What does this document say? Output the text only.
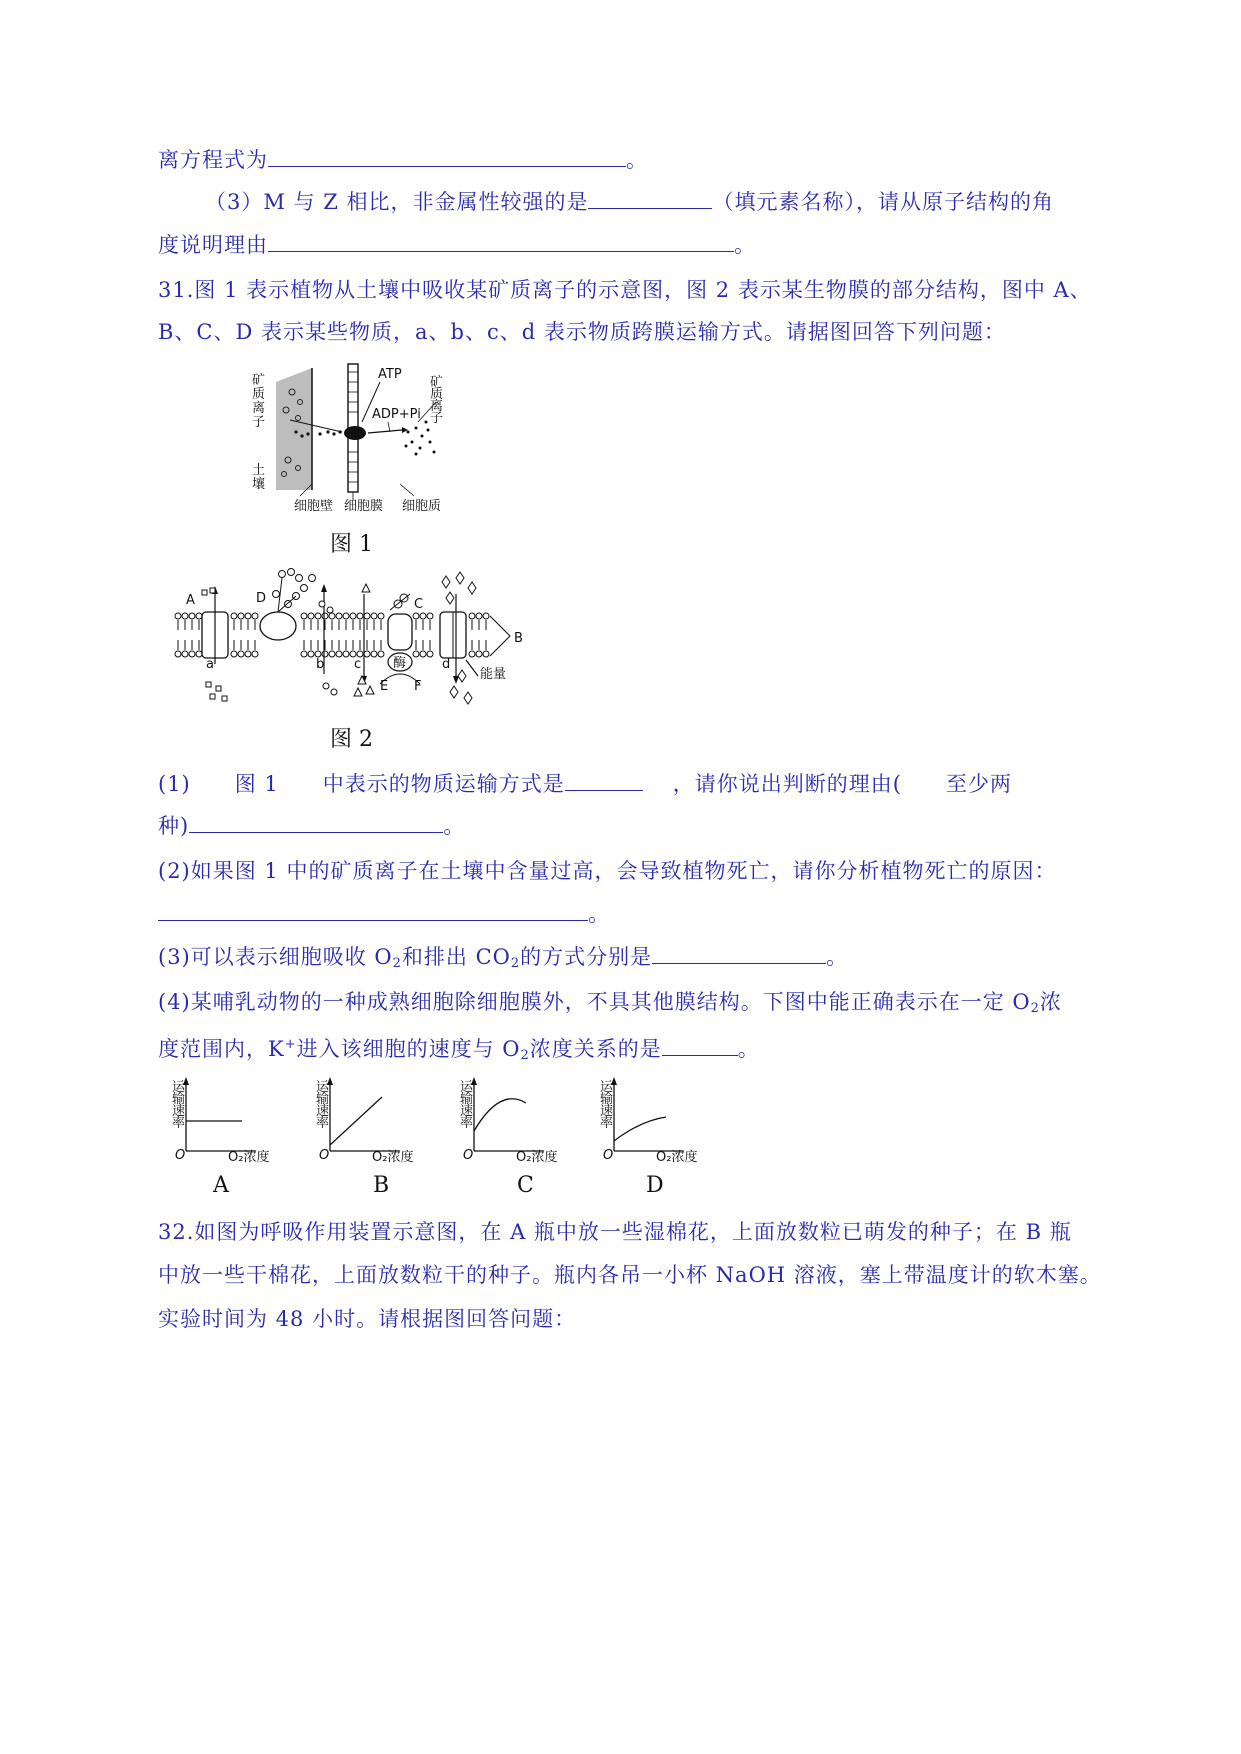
离方程式为	。
（3）M 与 Z 相比，非金属性较强的是	（填元素名称），请从原子结构的角
度说明理由	。
31.图 1 表示植物从土壤中吸收某矿质离子的示意图，图 2 表示某生物膜的部分结构，图中 A、
B、C、D 表示某些物质，a、b、c、d 表示物质跨膜运输方式。请据图回答下列问题：
矿
质
离
子
土
壤
ATP
ADP+Pi
矿
质
离
子
细胞壁 细胞膜 细胞质
图 1
A
B
C
D
E F
a	b c	d
酶
能量
图 2
(1)　　图 1　　中表示的物质运输方式是	，请你说出判断的理由(　　至少两
种)	。
(2)如果图 1 中的矿质离子在土壤中含量过高，会导致植物死亡，请你分析植物死亡的原因：
。
(3)可以表示细胞吸收 $O_2$和排出 $CO_2$的方式分别是	。
(4)某哺乳动物的一种成熟细胞除细胞膜外，不具其他膜结构。下图中能正确表示在一定 $O_2$浓
度范围内，K+进入该细胞的速度与 $O_2$浓度关系的是	。
运
输
速
率
O	O₂浓度
运
输
速
率
O	O₂浓度
运
输
速
率
O	O₂浓度
运
输
速
率
O	O₂浓度
A	B	C	D
32.如图为呼吸作用装置示意图，在 A 瓶中放一些湿棉花，上面放数粒已萌发的种子；在 B 瓶
中放一些干棉花，上面放数粒干的种子。瓶内各吊一小杯 NaOH 溶液，塞上带温度计的软木塞。
实验时间为 48 小时。请根据图回答问题：
